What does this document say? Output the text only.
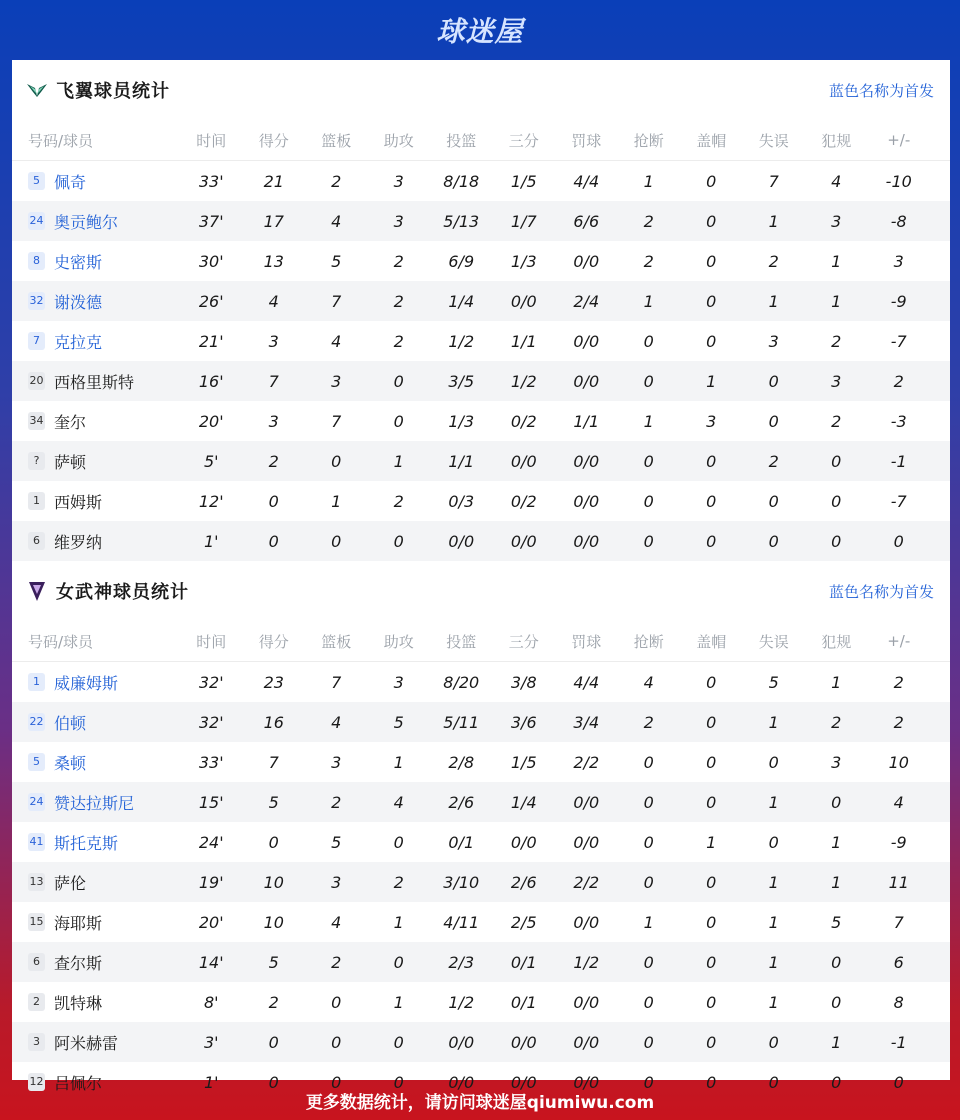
球迷屋
飞翼球员统计	蓝色名称为首发
号码/球员	时间	得分	篮板	助攻	投篮	三分	罚球	抢断	盖帽	失误	犯规	+/-
5 佩奇	33'	21	2	3	8/18	1/5	4/4	1	0	7	4	-10
24 奥贡鲍尔	37'	17	4	3	5/13	1/7	6/6	2	0	1	3	-8
8 史密斯	30'	13	5	2	6/9	1/3	0/0	2	0	2	1	3
32 谢泼德	26'	4	7	2	1/4	0/0	2/4	1	0	1	1	-9
7 克拉克	21'	3	4	2	1/2	1/1	0/0	0	0	3	2	-7
20 西格里斯特	16'	7	3	0	3/5	1/2	0/0	0	1	0	3	2
34 奎尔	20'	3	7	0	1/3	0/2	1/1	1	3	0	2	-3
? 萨顿	5'	2	0	1	1/1	0/0	0/0	0	0	2	0	-1
1 西姆斯	12'	0	1	2	0/3	0/2	0/0	0	0	0	0	-7
6 维罗纳	1'	0	0	0	0/0	0/0	0/0	0	0	0	0	0
女武神球员统计	蓝色名称为首发
号码/球员	时间	得分	篮板	助攻	投篮	三分	罚球	抢断	盖帽	失误	犯规	+/-
1 威廉姆斯	32'	23	7	3	8/20	3/8	4/4	4	0	5	1	2
22 伯顿	32'	16	4	5	5/11	3/6	3/4	2	0	1	2	2
5 桑顿	33'	7	3	1	2/8	1/5	2/2	0	0	0	3	10
24 赞达拉斯尼	15'	5	2	4	2/6	1/4	0/0	0	0	1	0	4
41 斯托克斯	24'	0	5	0	0/1	0/0	0/0	0	1	0	1	-9
13 萨伦	19'	10	3	2	3/10	2/6	2/2	0	0	1	1	11
15 海耶斯	20'	10	4	1	4/11	2/5	0/0	1	0	1	5	7
6 查尔斯	14'	5	2	0	2/3	0/1	1/2	0	0	1	0	6
2 凯特琳	8'	2	0	1	1/2	0/1	0/0	0	0	1	0	8
3 阿米赫雷	3'	0	0	0	0/0	0/0	0/0	0	0	0	1	-1
12 吕佩尔	1'	0	0	0	0/0	0/0	0/0	0	0	0	0	0
更多数据统计，请访问球迷屋qiumiwu.com
